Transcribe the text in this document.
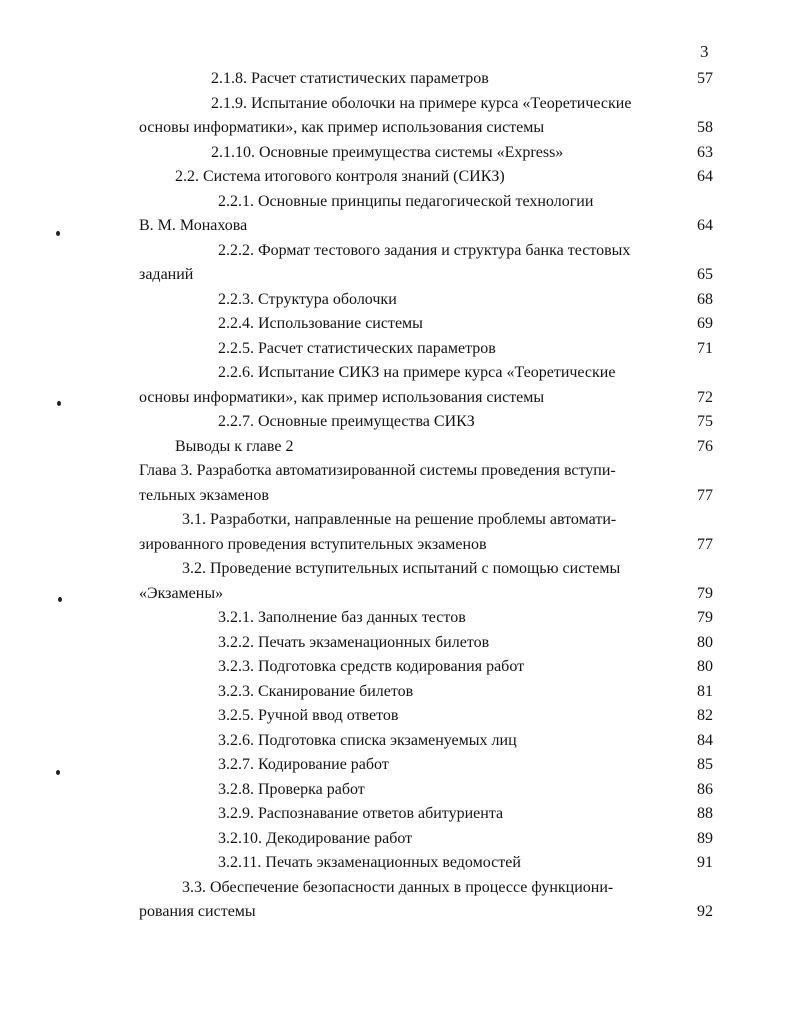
3
2.1.8. Расчет статистических параметров	57
2.1.9. Испытание оболочки на примере курса «Теоретические
основы информатики», как пример использования системы	58
2.1.10. Основные преимущества системы «Express»	63
2.2. Система итогового контроля знаний (СИКЗ)	64
2.2.1. Основные принципы педагогической технологии
В. М. Монахова	64
2.2.2. Формат тестового задания и структура банка тестовых
заданий	65
2.2.3. Структура оболочки	68
2.2.4. Использование системы	69
2.2.5. Расчет статистических параметров	71
2.2.6. Испытание СИКЗ на примере курса «Теоретические
основы информатики», как пример использования системы	72
2.2.7. Основные преимущества СИКЗ	75
Выводы к главе 2	76
Глава 3. Разработка автоматизированной системы проведения вступи-
тельных экзаменов	77
3.1. Разработки, направленные на решение проблемы автомати-
зированного проведения вступительных экзаменов	77
3.2. Проведение вступительных испытаний с помощью системы
«Экзамены»	79
3.2.1. Заполнение баз данных тестов	79
3.2.2. Печать экзаменационных билетов	80
3.2.3. Подготовка средств кодирования работ	80
3.2.3. Сканирование билетов	81
3.2.5. Ручной ввод ответов	82
3.2.6. Подготовка списка экзаменуемых лиц	84
3.2.7. Кодирование работ	85
3.2.8. Проверка работ	86
3.2.9. Распознавание ответов абитуриента	88
3.2.10. Декодирование работ	89
3.2.11. Печать экзаменационных ведомостей	91
3.3. Обеспечение безопасности данных в процессе функциони-
рования системы	92
